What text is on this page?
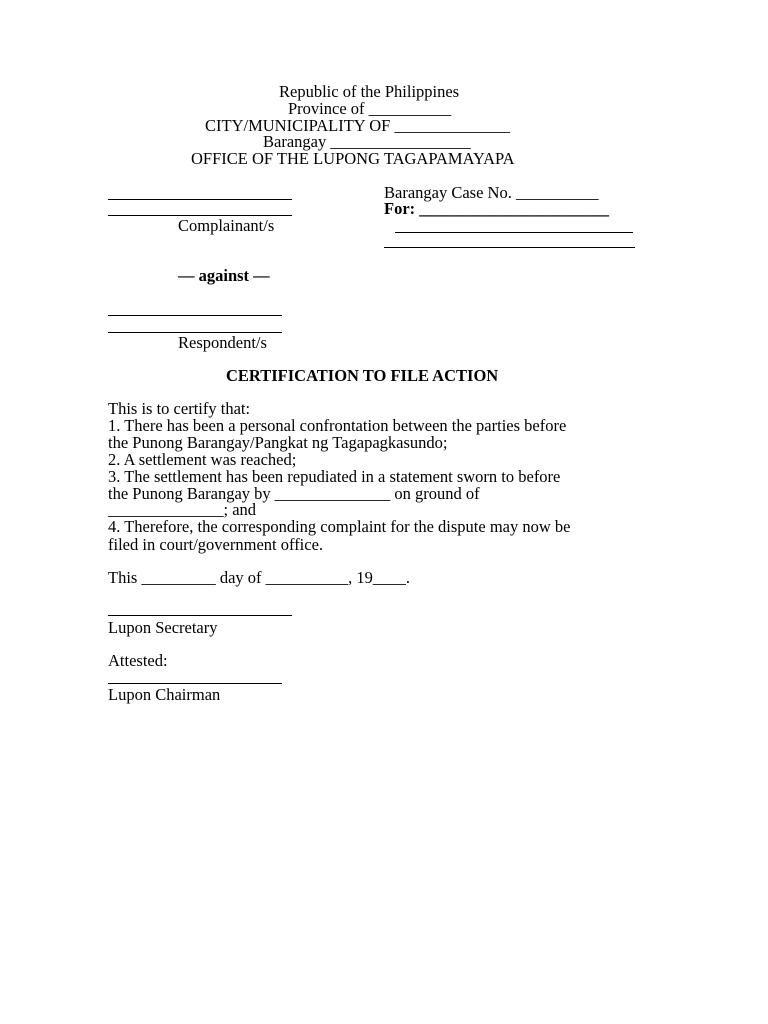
Republic of the Philippines
Province of __________
CITY/MUNICIPALITY OF ______________
Barangay _________________
OFFICE OF THE LUPONG TAGAPAMAYAPA
Complainant/s
Barangay Case No. __________
For: _______________________
— against —
Respondent/s
CERTIFICATION TO FILE ACTION
This is to certify that:
1. There has been a personal confrontation between the parties before
the Punong Barangay/Pangkat ng Tagapagkasundo;
2. A settlement was reached;
3. The settlement has been repudiated in a statement sworn to before
the Punong Barangay by ______________ on ground of
______________; and
4. Therefore, the corresponding complaint for the dispute may now be
filed in court/government office.
This _________ day of __________, 19____.
Lupon Secretary
Attested:
Lupon Chairman
